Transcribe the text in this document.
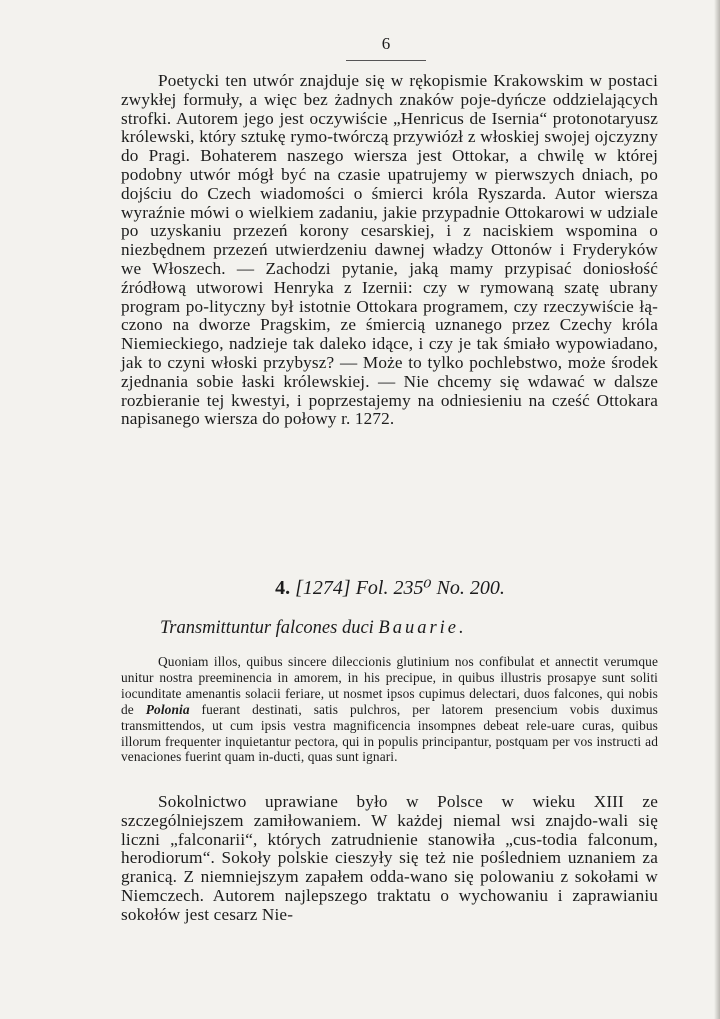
6

Poetycki ten utwór znajduje się w rękopismie Krakowskim w postaci zwykłej formuły, a więc bez żadnych znaków poje-dyńcze oddzielających strofki. Autorem jego jest oczywiście „Henricus de Isernia“ protonotaryusz królewski, który sztukę rymo-twórczą przywiózł z włoskiej swojej ojczyzny do Pragi. Bohaterem naszego wiersza jest Ottokar, a chwilę w której podobny utwór mógł być na czasie upatrujemy w pierwszych dniach, po dojściu do Czech wiadomości o śmierci króla Ryszarda. Autor wiersza wyraźnie mówi o wielkiem zadaniu, jakie przypadnie Ottokarowi w udziale po uzyskaniu przezeń korony cesarskiej, i z naciskiem wspomina o niezbędnem przezeń utwierdzeniu dawnej władzy Ottonów i Fryderyków we Włoszech. — Zachodzi pytanie, jaką mamy przypisać doniosłość źródłową utworowi Henryka z Izernii: czy w rymowaną szatę ubrany program po-lityczny był istotnie Ottokara programem, czy rzeczywiście łą-czono na dworze Pragskim, ze śmiercią uznanego przez Czechy króla Niemieckiego, nadzieje tak daleko idące, i czy je tak śmiało wypowiadano, jak to czyni włoski przybysz? — Może to tylko pochlebstwo, może środek zjednania sobie łaski królewskiej. — Nie chcemy się wdawać w dalsze rozbieranie tej kwestyi, i poprzestajemy na odniesieniu na cześć Ottokara napisanego wiersza do połowy r. 1272.

4. [1274] Fol. 235⁰ No. 200.
Transmittuntur falcones duci Bauarie.

Quoniam illos, quibus sincere dileccionis glutinium nos confibulat et annectit verumque unitur nostra preeminencia in amorem, in his precipue, in quibus illustris prosapye sunt soliti iocunditate amenantis solacii feriare, ut nosmet ipsos cupimus delectari, duos falcones, qui nobis de Polonia fuerant destinati, satis pulchros, per latorem presencium vobis duximus transmittendos, ut cum ipsis vestra magnificencia insompnes debeat rele-uare curas, quibus illorum frequenter inquietantur pectora, qui in populis principantur, postquam per vos instructi ad venaciones fuerint quam in-ducti, quas sunt ignari.

Sokolnictwo uprawiane było w Polsce w wieku XIII ze szczególniejszem zamiłowaniem. W każdej niemal wsi znajdo-wali się liczni „falconarii“, których zatrudnienie stanowiła „cus-todia falconum, herodiorum“. Sokoły polskie cieszyły się też nie pośledniem uznaniem za granicą. Z niemniejszym zapałem odda-wano się polowaniu z sokołami w Niemczech. Autorem najlepszego traktatu o wychowaniu i zaprawianiu sokołów jest cesarz Nie-
